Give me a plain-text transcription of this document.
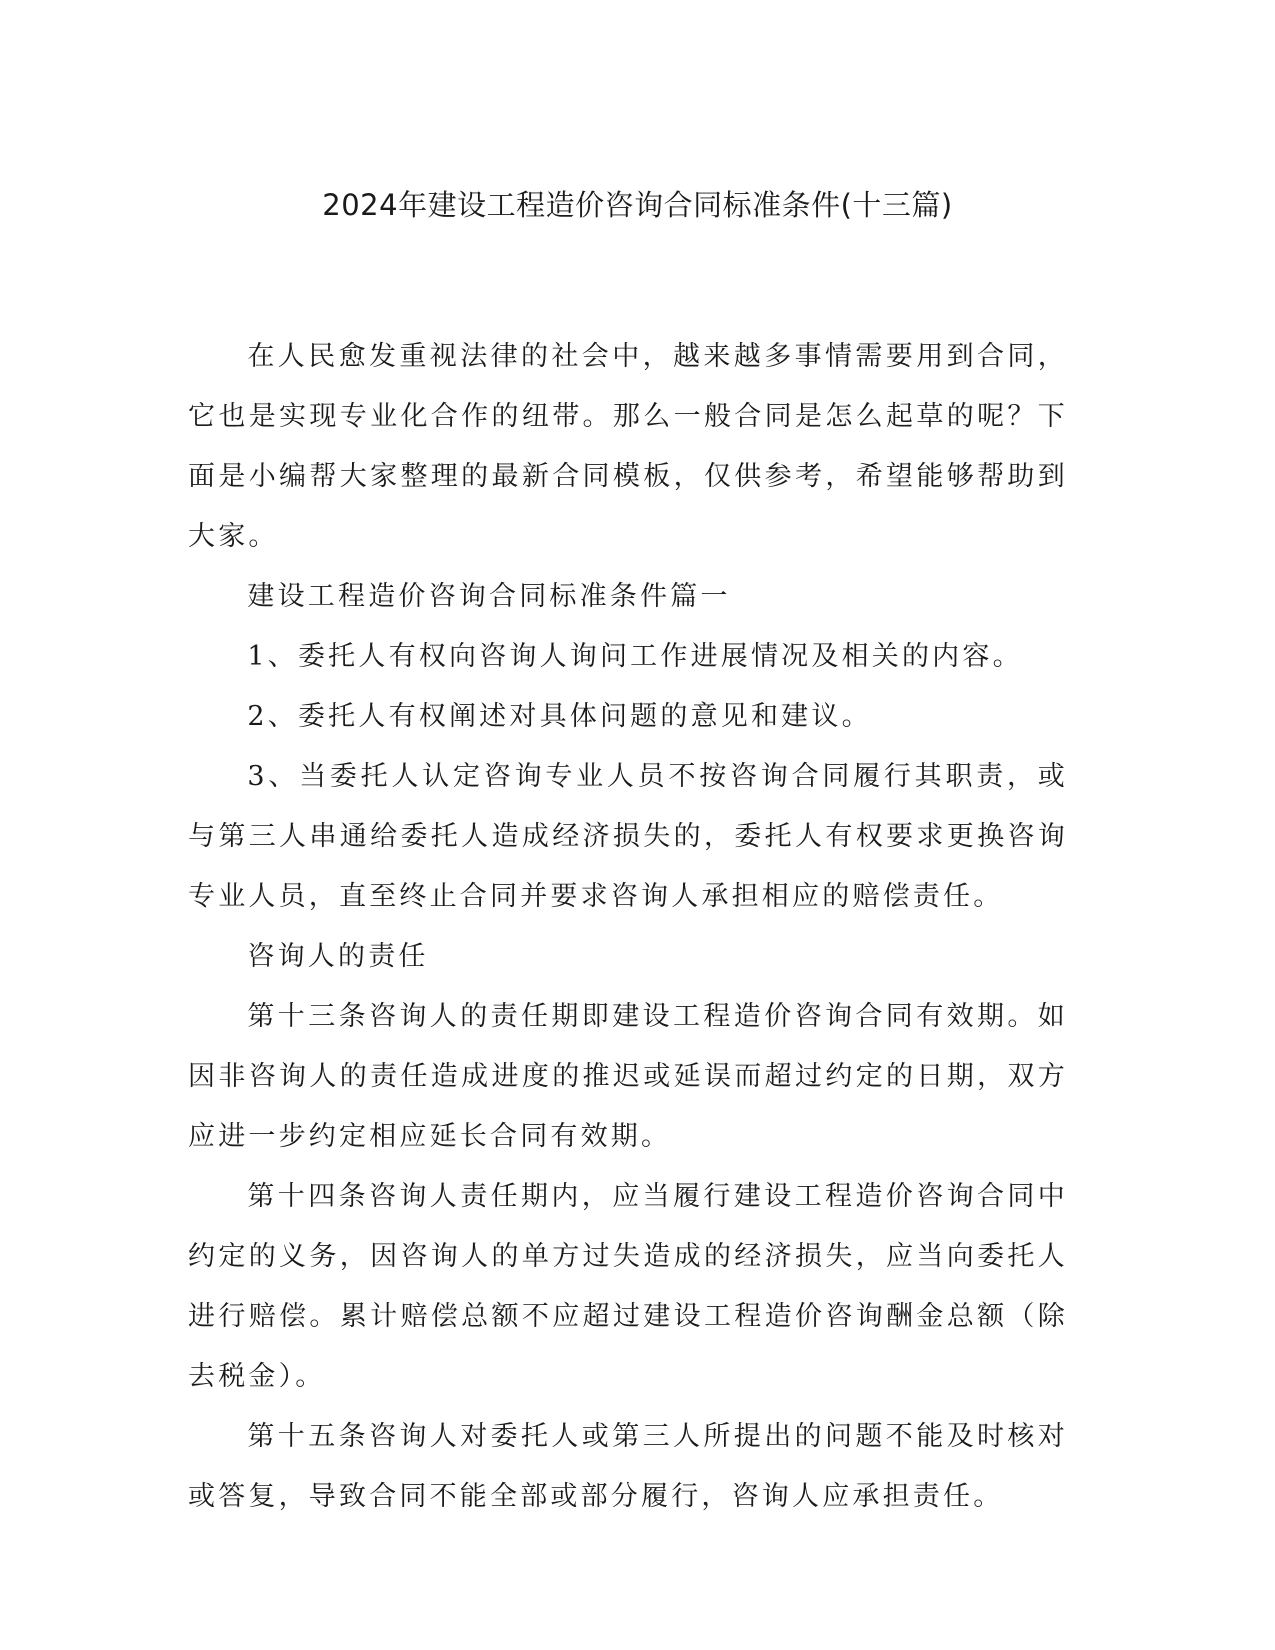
2024年建设工程造价咨询合同标准条件(十三篇)

在人民愈发重视法律的社会中，越来越多事情需要用到合同，它也是实现专业化合作的纽带。那么一般合同是怎么起草的呢？下面是小编帮大家整理的最新合同模板，仅供参考，希望能够帮助到大家。

建设工程造价咨询合同标准条件篇一

1、委托人有权向咨询人询问工作进展情况及相关的内容。

2、委托人有权阐述对具体问题的意见和建议。

3、当委托人认定咨询专业人员不按咨询合同履行其职责，或与第三人串通给委托人造成经济损失的，委托人有权要求更换咨询专业人员，直至终止合同并要求咨询人承担相应的赔偿责任。

咨询人的责任

第十三条咨询人的责任期即建设工程造价咨询合同有效期。如因非咨询人的责任造成进度的推迟或延误而超过约定的日期，双方应进一步约定相应延长合同有效期。

第十四条咨询人责任期内，应当履行建设工程造价咨询合同中约定的义务，因咨询人的单方过失造成的经济损失，应当向委托人进行赔偿。累计赔偿总额不应超过建设工程造价咨询酬金总额（除去税金）。

第十五条咨询人对委托人或第三人所提出的问题不能及时核对或答复，导致合同不能全部或部分履行，咨询人应承担责任。
